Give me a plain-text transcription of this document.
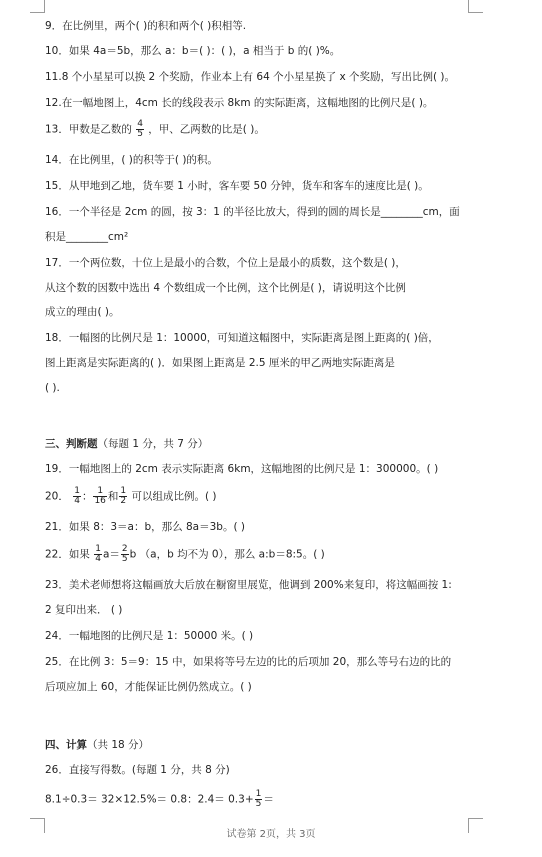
9．在比例里，两个( )的积和两个( )积相等.
10．如果 4a＝5b，那么 a：b＝( )：( )，a 相当于 b 的( )%。
11.8 个小星星可以换 2 个奖励，作业本上有 64 个小星星换了 x 个奖励，写出比例( )。
12.在一幅地图上，4cm 长的线段表示 8km 的实际距离，这幅地图的比例尺是( )。
13．甲数是乙数的 $\frac{4}{5}$ ，甲、乙两数的比是( )。
14．在比例里，( )的积等于( )的积。
15．从甲地到乙地，货车要 1 小时，客车要 50 分钟，货车和客车的速度比是( )。
16．一个半径是 2cm 的圆，按 3：1 的半径比放大，得到的圆的周长是________cm，面
积是________cm²
17．一个两位数，十位上是最小的合数，个位上是最小的质数，这个数是( )，
从这个数的因数中选出 4 个数组成一个比例，这个比例是( )，请说明这个比例
成立的理由( )。
18．一幅图的比例尺是 1：10000，可知道这幅图中，实际距离是图上距离的( )倍，
图上距离是实际距离的( )．如果图上距离是 2.5 厘米的甲乙两地实际距离是
( ).
三、判断题（每题 1 分，共 7 分）
19．一幅地图上的 2cm 表示实际距离 6km，这幅地图的比例尺是 1：300000。( )
20． $\frac{1}{4}$ ： $\frac{1}{16}$ 和 $\frac{1}{2}$ 可以组成比例。( )
21．如果 8：3＝a：b，那么 8a＝3b。( )
22．如果 $\frac{1}{4} a= \frac{2}{5}$ b （a，b 均不为 0），那么 a:b＝8:5。( )
23．美术老师想将这幅画放大后放在橱窗里展览，他调到 200%来复印，将这幅画按 1:
2 复印出来． ( )
24．一幅地图的比例尺是 1：50000 米。( )
25．在比例 3：5＝9：15 中，如果将等号左边的比的后项加 20，那么等号右边的比的
后项应加上 60，才能保证比例仍然成立。( )
四、计算（共 18 分）
26．直接写得数。(每题 1 分，共 8 分)
8.1÷0.3＝ 32×12.5%＝ 0.8：$2.4= 0.3+ \frac{1}{5}$ ＝
试卷第 2页，共 3页
